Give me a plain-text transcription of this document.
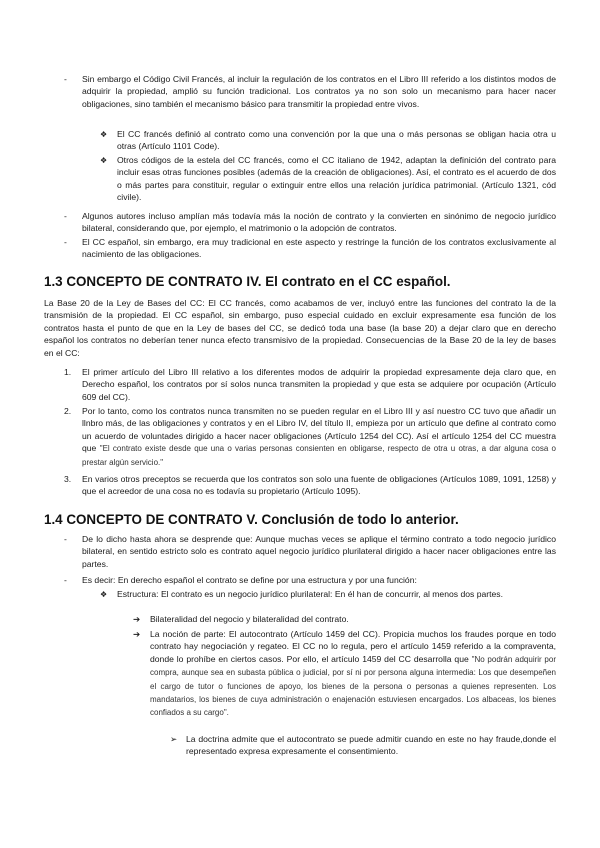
- Sin embargo el Código Civil Francés, al incluir la regulación de los contratos en el Libro III referido a los distintos modos de adquirir la propiedad, amplió su función tradicional. Los contratos ya no son solo un mecanismo para hacer nacer obligaciones, sino también el mecanismo básico para transmitir la propiedad entre vivos.

❖ El CC francés definió al contrato como una convención por la que una o más personas se obligan hacia otra u otras (Artículo 1101 Code).

❖ Otros códigos de la estela del CC francés, como el CC italiano de 1942, adaptan la definición del contrato para incluir esas otras funciones posibles (además de la creación de obligaciones). Así, el contrato es el acuerdo de dos o más partes para constituir, regular o extinguir entre ellos una relación jurídica patrimonial. (Artículo 1321, cód civile).

- Algunos autores incluso amplían más todavía más la noción de contrato y la convierten en sinónimo de negocio jurídico bilateral, considerando que, por ejemplo, el matrimonio o la adopción de contratos.

- El CC español, sin embargo, era muy tradicional en este aspecto y restringe la función de los contratos exclusivamente al nacimiento de las obligaciones.

1.3 CONCEPTO DE CONTRATO IV. El contrato en el CC español.

La Base 20 de la Ley de Bases del CC: El CC francés, como acabamos de ver, incluyó entre las funciones del contrato la de la transmisión de la propiedad. El CC español, sin embargo, puso especial cuidado en excluir expresamente esa función de los contratos hasta el punto de que en la Ley de bases del CC, se dedicó toda una base (la base 20) a dejar claro que en derecho español los contratos no deberían tener nunca efecto transmisivo de la propiedad. Consecuencias de la Base 20 de la ley de bases en el CC:

1. El primer artículo del Libro III relativo a los diferentes modos de adquirir la propiedad expresamente deja claro que, en Derecho español, los contratos por sí solos nunca transmiten la propiedad y que esta se adquiere por ocupación (Artículo 609 del CC).

2. Por lo tanto, como los contratos nunca transmiten no se pueden regular en el Libro III y así nuestro CC tuvo que añadir un llnbro más, de las obligaciones y contratos y en el Libro IV, del título II, empieza por un artículo que define al contrato como un acuerdo de voluntades dirigido a hacer nacer obligaciones (Artículo 1254 del CC). Así el artículo 1254 del CC muestra que "El contrato existe desde que una o varias personas consienten en obligarse, respecto de otra u otras, a dar alguna cosa o prestar algún servicio."

3. En varios otros preceptos se recuerda que los contratos son solo una fuente de obligaciones (Artículos 1089, 1091, 1258) y que el acreedor de una cosa no es todavía su propietario (Artículo 1095).

1.4 CONCEPTO DE CONTRATO V. Conclusión de todo lo anterior.
- De lo dicho hasta ahora se desprende que: Aunque muchas veces se aplique el término contrato a todo negocio jurídico bilateral, en sentido estricto solo es contrato aquel negocio jurídico plurilateral dirigido a hacer nacer obligaciones entre las partes.

- Es decir: En derecho español el contrato se define por una estructura y por una función:

❖ Estructura: El contrato es un negocio jurídico plurilateral: En él han de concurrir, al menos dos partes.

➔ Bilateralidad del negocio y bilateralidad del contrato.

➔ La noción de parte: El autocontrato (Artículo 1459 del CC). Propicia muchos los fraudes porque en todo contrato hay negociación y regateo. El CC no lo regula, pero el artículo 1459 referido a la compraventa, donde lo prohíbe en ciertos casos. Por ello, el artículo 1459 del CC desarrolla que "No podrán adquirir por compra, aunque sea en subasta pública o judicial, por sí ni por persona alguna intermedia: Los que desempeñen el cargo de tutor o funciones de apoyo, los bienes de la persona o personas a quienes representen. Los mandatarios, los bienes de cuya administración o enajenación estuviesen encargados. Los albaceas, los bienes confiados a su cargo".

➢ La doctrina admite que el autocontrato se puede admitir cuando en este no hay fraude,donde el representado expresa expresamente el consentimiento.
